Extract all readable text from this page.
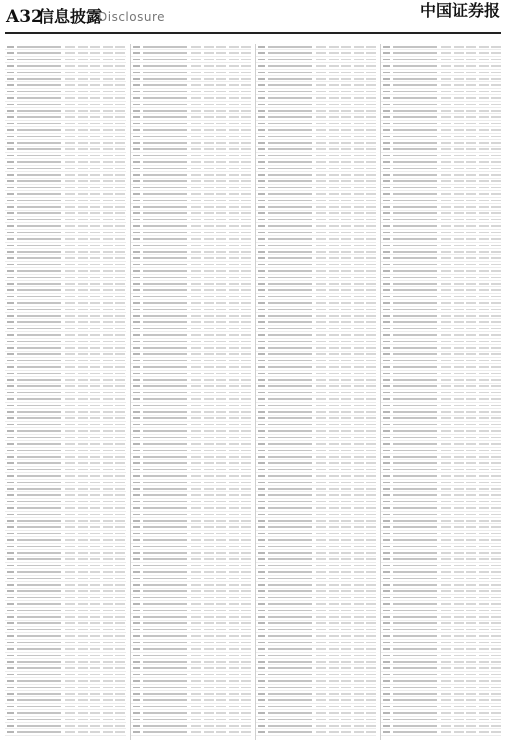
A32
信息披露
Disclosure	中国证券报
